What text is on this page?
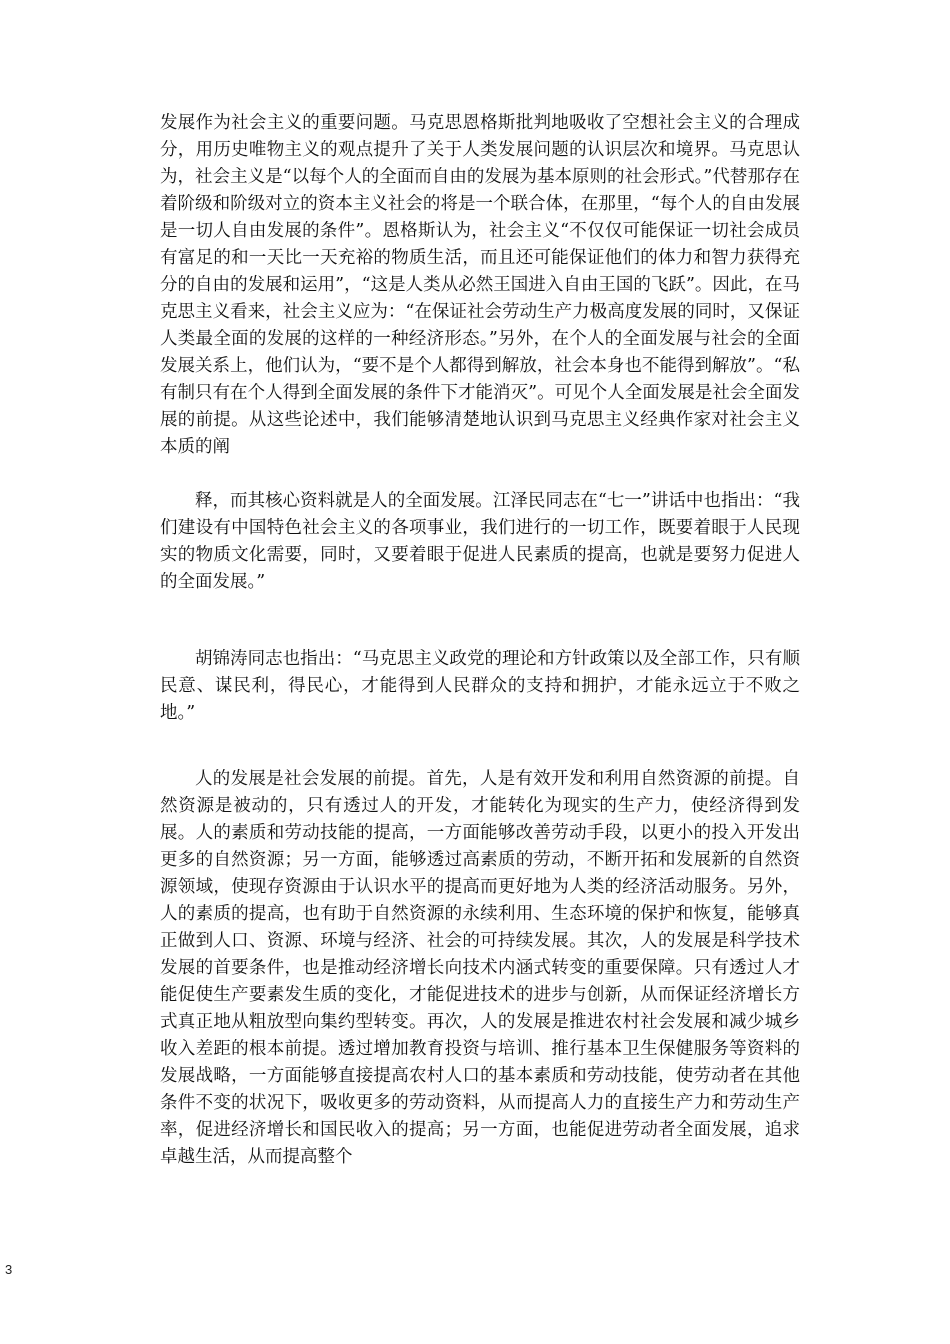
发展作为社会主义的重要问题。马克思恩格斯批判地吸收了空想社会主义的合理成分，用历史唯物主义的观点提升了关于人类发展问题的认识层次和境界。马克思认为，社会主义是“以每个人的全面而自由的发展为基本原则的社会形式。”代替那存在着阶级和阶级对立的资本主义社会的将是一个联合体，在那里，“每个人的自由发展是一切人自由发展的条件”。恩格斯认为，社会主义“不仅仅可能保证一切社会成员有富足的和一天比一天充裕的物质生活，而且还可能保证他们的体力和智力获得充分的自由的发展和运用”，“这是人类从必然王国进入自由王国的飞跃”。因此，在马克思主义看来，社会主义应为：“在保证社会劳动生产力极高度发展的同时，又保证人类最全面的发展的这样的一种经济形态。”另外，在个人的全面发展与社会的全面发展关系上，他们认为，“要不是个人都得到解放，社会本身也不能得到解放”。“私有制只有在个人得到全面发展的条件下才能消灭”。可见个人全面发展是社会全面发展的前提。从这些论述中，我们能够清楚地认识到马克思主义经典作家对社会主义本质的阐

释，而其核心资料就是人的全面发展。江泽民同志在“七一”讲话中也指出：“我们建设有中国特色社会主义的各项事业，我们进行的一切工作，既要着眼于人民现实的物质文化需要，同时，又要着眼于促进人民素质的提高，也就是要努力促进人的全面发展。”

胡锦涛同志也指出：“马克思主义政党的理论和方针政策以及全部工作，只有顺民意、谋民利，得民心，才能得到人民群众的支持和拥护，才能永远立于不败之地。”

人的发展是社会发展的前提。首先，人是有效开发和利用自然资源的前提。自然资源是被动的，只有透过人的开发，才能转化为现实的生产力，使经济得到发展。人的素质和劳动技能的提高，一方面能够改善劳动手段，以更小的投入开发出更多的自然资源；另一方面，能够透过高素质的劳动，不断开拓和发展新的自然资源领域，使现存资源由于认识水平的提高而更好地为人类的经济活动服务。另外，人的素质的提高，也有助于自然资源的永续利用、生态环境的保护和恢复，能够真正做到人口、资源、环境与经济、社会的可持续发展。其次，人的发展是科学技术发展的首要条件，也是推动经济增长向技术内涵式转变的重要保障。只有透过人才能促使生产要素发生质的变化，才能促进技术的进步与创新，从而保证经济增长方式真正地从粗放型向集约型转变。再次，人的发展是推进农村社会发展和减少城乡收入差距的根本前提。透过增加教育投资与培训、推行基本卫生保健服务等资料的发展战略，一方面能够直接提高农村人口的基本素质和劳动技能，使劳动者在其他条件不变的状况下，吸收更多的劳动资料，从而提高人力的直接生产力和劳动生产率，促进经济增长和国民收入的提高；另一方面，也能促进劳动者全面发展，追求卓越生活，从而提高整个

3
